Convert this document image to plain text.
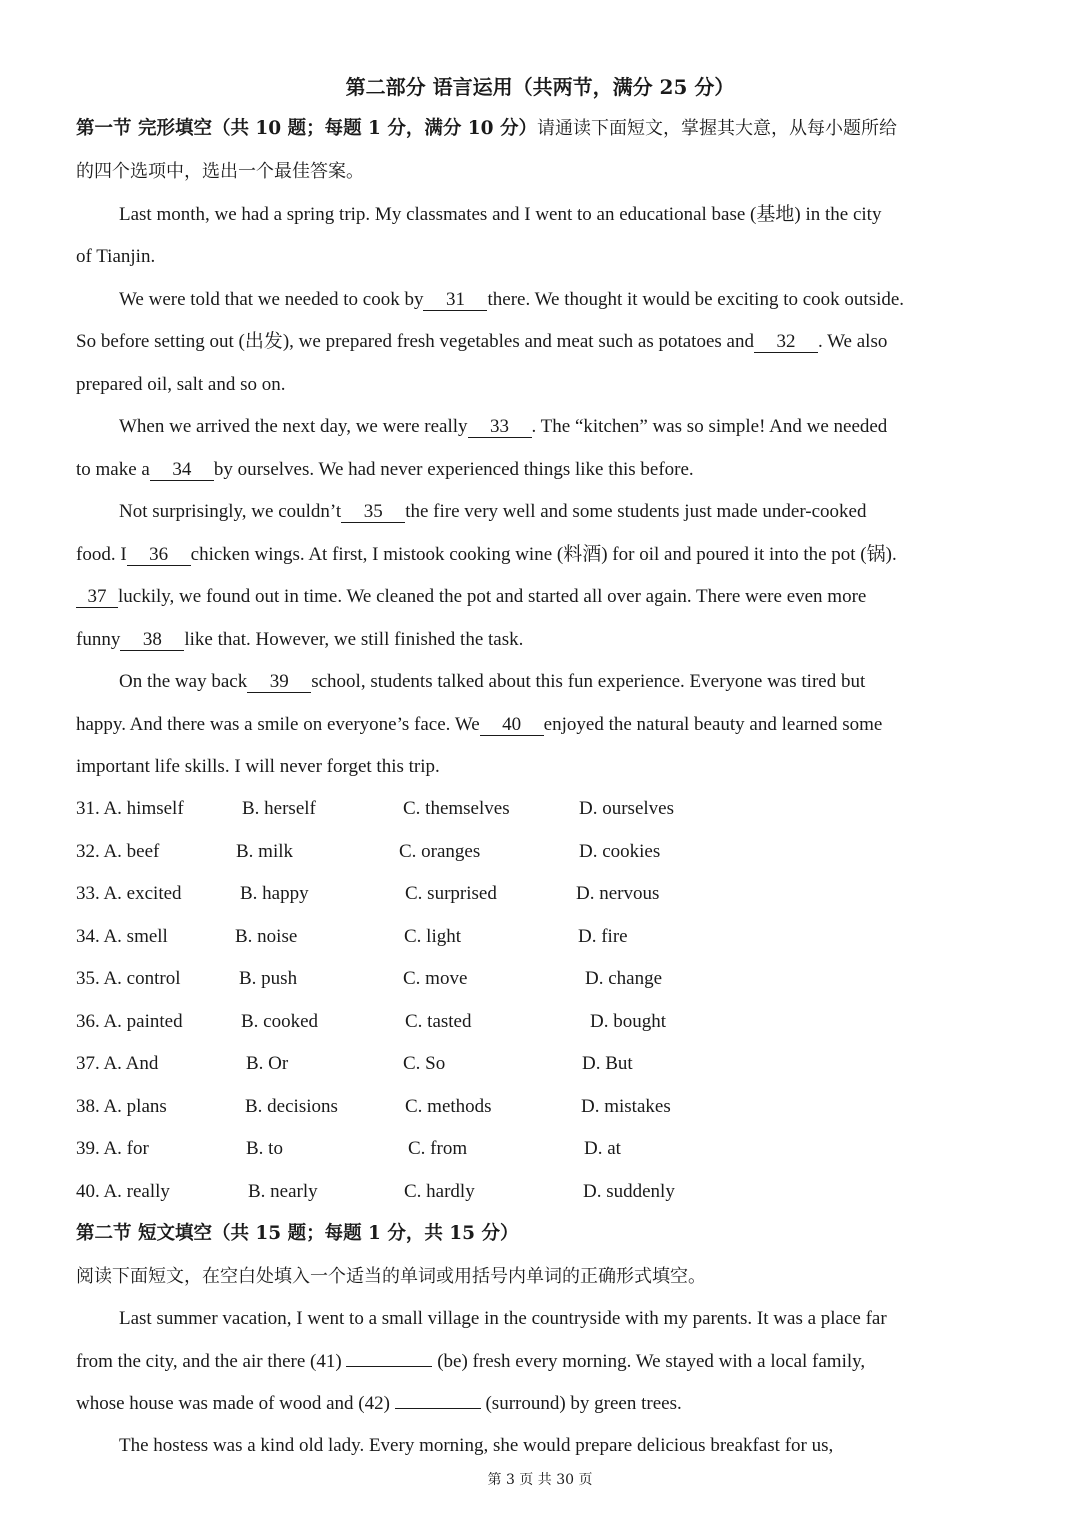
第二部分 语言运用（共两节，满分 25 分）
第一节 完形填空（共 10 题；每题 1 分，满分 10 分）请通读下面短文，掌握其大意，从每小题所给
的四个选项中，选出一个最佳答案。
Last month, we had a spring trip. My classmates and I went to an educational base (基地) in the city
of Tianjin.
We were told that we needed to cook by 31 there. We thought it would be exciting to cook outside.
So before setting out (出发), we prepared fresh vegetables and meat such as potatoes and 32 . We also
prepared oil, salt and so on.
When we arrived the next day, we were really 33 . The “kitchen” was so simple! And we needed
to make a 34 by ourselves. We had never experienced things like this before.
Not surprisingly, we couldn’t 35 the fire very well and some students just made under-cooked
food. I 36 chicken wings. At first, I mistook cooking wine (料酒) for oil and poured it into the pot (锅).
37 luckily, we found out in time. We cleaned the pot and started all over again. There were even more
funny 38 like that. However, we still finished the task.
On the way back 39 school, students talked about this fun experience. Everyone was tired but
happy. And there was a smile on everyone’s face. We 40 enjoyed the natural beauty and learned some
important life skills. I will never forget this trip.
31. A. himself	B. herself	C. themselves	D. ourselves
32. A. beef	B. milk	C. oranges	D. cookies
33. A. excited	B. happy	C. surprised	D. nervous
34. A. smell	B. noise	C. light	D. fire
35. A. control	B. push	C. move	D. change
36. A. painted	B. cooked	C. tasted	D. bought
37. A. And	B. Or	C. So	D. But
38. A. plans	B. decisions	C. methods	D. mistakes
39. A. for	B. to	C. from	D. at
40. A. really	B. nearly	C. hardly	D. suddenly
第二节 短文填空（共 15 题；每题 1 分，共 15 分）
阅读下面短文，在空白处填入一个适当的单词或用括号内单词的正确形式填空。
Last summer vacation, I went to a small village in the countryside with my parents. It was a place far
from the city, and the air there (41)	(be) fresh every morning. We stayed with a local family,
whose house was made of wood and (42)	(surround) by green trees.
The hostess was a kind old lady. Every morning, she would prepare delicious breakfast for us,
第 3 页 共 30 页
